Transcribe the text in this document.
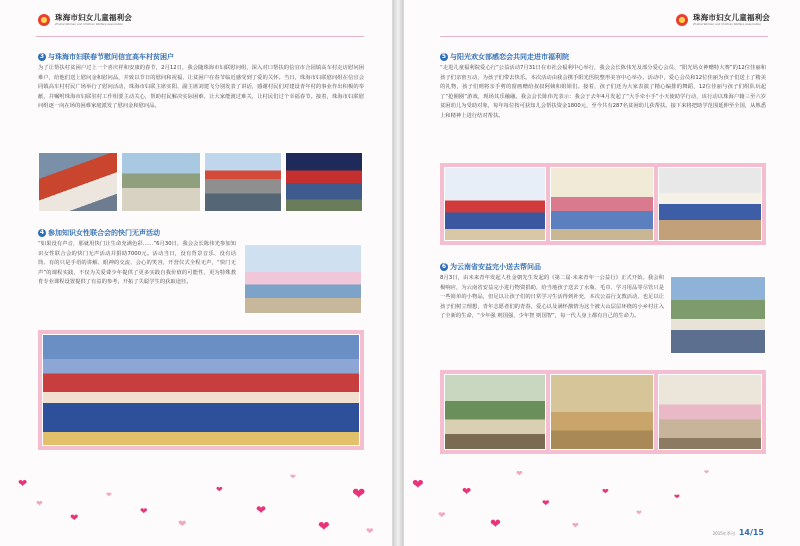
珠海市妇女儿童福利会
Zhuhai Women and Children Welfare Association
3 与珠海市妇联春节慰问信宜高车村贫困户
为了让帮扶村贫困户过上一个喜庆祥和安康的春节，2月12日，我会随珠海市妇联慰问组，深入对口帮扶的信宜市合园镇高车村走访慰问困难户，给他们送上慰问金和慰问品，并致以节日的慰问和祝福，让贫困户在春节临近感受到了爱的关怀。当日，珠海市妇联慰问组在信宜会同镇高车村村民广场举行了慰问活动，珠海市妇联主席实阳、副主席刘建飞分别发表了讲话，感谢村民们对建设青年村的事业作出积极的奉献，并嘱咐珠海市妇联驻村工作组要主动关心，帮助村民解决实际困难，让大家能渡过难关，让村民们过个幸福春节。接着，珠海市妇联慰问组逐一向在场的困难家庭派发了慰问金和慰问品。
4 参加知识女性联合会的快门无声活动
“如果没有声音，那就用快门让生命充满色彩……”6月30日，我会会长陈伟光参加知识女性联合会的快门无声活动并捐助7000元。活动当日，没有背景音乐、没有话筒、有的只是手语的讲解、眼神的交流、会心的笑容，开营仪式全程无声，“快门无声”的课程实践，不仅为关爱聋少年提供了更多实践自我价值的可能性，更为特殊教育专业课程设置提供了有益的参考，开拓了失聪学生的获取途径。
❤
❤
❤
❤
❤
❤
❤
❤
❤
❤
❤
❤
珠海市妇女儿童福利会
Zhuhai Women and Children Welfare Association
5 与阳光欢女部感恋会共同走进市福利院
“走进儿童福利院爱心行”公益活动7月31日在市社会福利中心举行，我会会长陈伟光及部分爱心会员、“阳光妈女神赠特大赛”的12位佳丽和孩子们亲密互动，为孩子们带去快乐。本次活动由我会携手阳光医院整形美容中心举办。活动中，爱心会员和12位佳丽为孩子们送上了精美的礼物，孩子们则将亲手剪的窗画赠给叔叔阿姨和姐姐们。接着，孩子们还为大家表演了精心编排的舞蹈，12位佳丽与孩子们组队玩起了“抢圈圈”游戏，现场其乐融融。我会会长陈伟光表示：我会于去年4月发起了“大手牵小手”小天使助学行动，该行动以珠海户籍三至六岁贫困幼儿为受助对象，每年每位按可获知儿会帮扶资金1800元，至今共有287名贫困幼儿获帮扶。接下来将把助学范围延伸至全国，从熟悉上和精神上进行结对帮扶。
6 为云南省安益完小送去帮问品
8月3日，由未来青年发起人杜金朝先生发起的《第二届·未来青年一公益行》正式开始。我会积极响应，为云南省安益完小进行物资捐助，给当地孩子送去了水瓶、毛巾、学习用品等尽管只是一些简单的小物品，但足以让孩子们的日常学习生活得到补充，本次公益行支教活动，也足以让孩子们树立理想，青年志愿者们的青春，爱心以及满怀激情为这个被大山层层环绕的小乡村注入了全新的生命，“少年强 则国强，少年智 则国智”，每一代人身上都有自己的生命力。
❤
❤
❤
❤
❤
❤
❤
❤
❤
❤
❤
2015年季刊 14/15
